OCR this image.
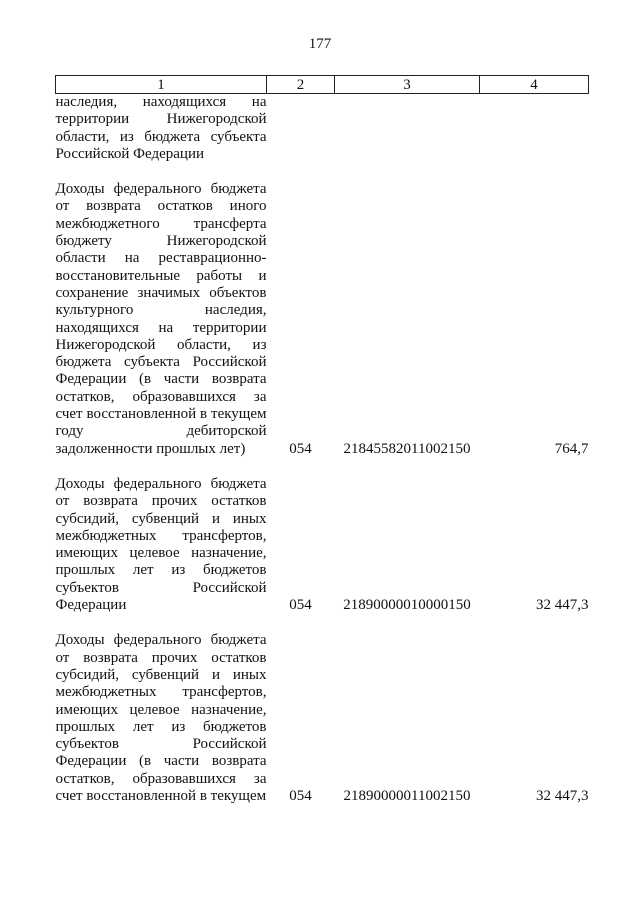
177
1	2	3	4

наследия, находящихся на территории Нижегородской области, из бюджета субъекта Российской Федерации			

Доходы федерального бюджета от возврата остатков иного межбюджетного трансферта бюджету Нижегородской области на реставрационно-восстановительные работы и сохранение значимых объектов культурного наследия, находящихся на территории Нижегородской области, из бюджета субъекта Российской Федерации (в части возврата остатков, образовавшихся за счет восстановленной в текущем году дебиторской задолженности прошлых лет)	054	21845582011002150	764,7

Доходы федерального бюджета от возврата прочих остатков субсидий, субвенций и иных межбюджетных трансфертов, имеющих целевое назначение, прошлых лет из бюджетов субъектов Российской Федерации	054	21890000010000150	32 447,3

Доходы федерального бюджета от возврата прочих остатков субсидий, субвенций и иных межбюджетных трансфертов, имеющих целевое назначение, прошлых лет из бюджетов субъектов Российской Федерации (в части возврата остатков, образовавшихся за счет восстановленной в текущем	054	21890000011002150	32 447,3
